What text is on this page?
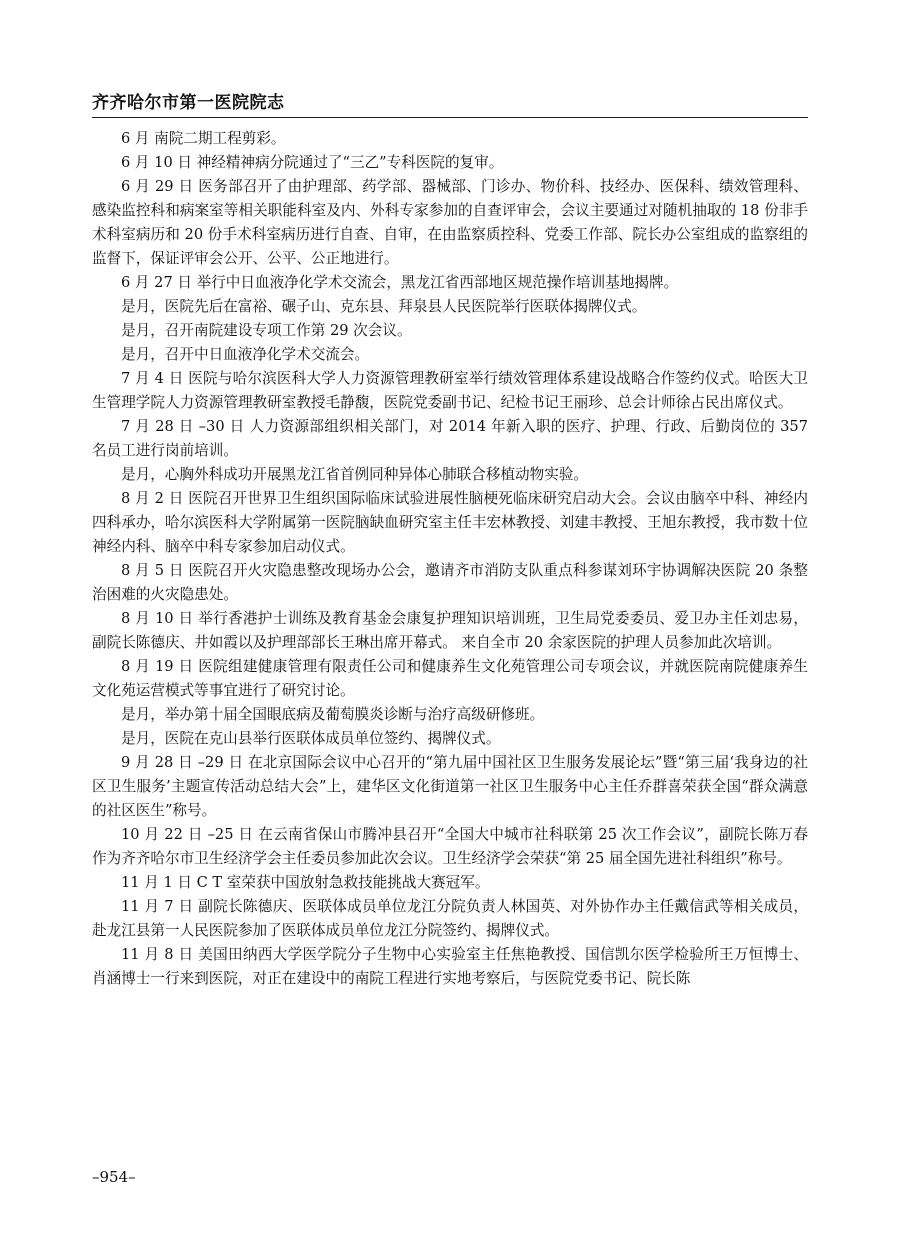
齐齐哈尔市第一医院院志

6 月 南院二期工程剪彩。

6 月 10 日 神经精神病分院通过了“三乙”专科医院的复审。

6 月 29 日 医务部召开了由护理部、药学部、器械部、门诊办、物价科、技经办、医保科、绩效管理科、感染监控科和病案室等相关职能科室及内、外科专家参加的自查评审会，会议主要通过对随机抽取的 18 份非手术科室病历和 20 份手术科室病历进行自查、自审，在由监察质控科、党委工作部、院长办公室组成的监察组的监督下，保证评审会公开、公平、公正地进行。

6 月 27 日 举行中日血液净化学术交流会，黑龙江省西部地区规范操作培训基地揭牌。

是月，医院先后在富裕、碾子山、克东县、拜泉县人民医院举行医联体揭牌仪式。

是月，召开南院建设专项工作第 29 次会议。

是月，召开中日血液净化学术交流会。

7 月 4 日 医院与哈尔滨医科大学人力资源管理教研室举行绩效管理体系建设战略合作签约仪式。哈医大卫生管理学院人力资源管理教研室教授毛静馥，医院党委副书记、纪检书记王丽珍、总会计师徐占民出席仪式。

7 月 28 日 –30 日 人力资源部组织相关部门，对 2014 年新入职的医疗、护理、行政、后勤岗位的 357 名员工进行岗前培训。

是月，心胸外科成功开展黑龙江省首例同种异体心肺联合移植动物实验。

8 月 2 日 医院召开世界卫生组织国际临床试验进展性脑梗死临床研究启动大会。会议由脑卒中科、神经内四科承办，哈尔滨医科大学附属第一医院脑缺血研究室主任丰宏林教授、刘建丰教授、王旭东教授，我市数十位神经内科、脑卒中科专家参加启动仪式。

8 月 5 日 医院召开火灾隐患整改现场办公会，邀请齐市消防支队重点科参谋刘环宇协调解决医院 20 条整治困难的火灾隐患处。

8 月 10 日 举行香港护士训练及教育基金会康复护理知识培训班，卫生局党委委员、爱卫办主任刘忠易，副院长陈德庆、井如霞以及护理部部长王琳出席开幕式。 来自全市 20 余家医院的护理人员参加此次培训。

8 月 19 日 医院组建健康管理有限责任公司和健康养生文化苑管理公司专项会议，并就医院南院健康养生文化苑运营模式等事宜进行了研究讨论。

是月，举办第十届全国眼底病及葡萄膜炎诊断与治疗高级研修班。

是月，医院在克山县举行医联体成员单位签约、揭牌仪式。

9 月 28 日 –29 日 在北京国际会议中心召开的“第九届中国社区卫生服务发展论坛”暨“第三届‘我身边的社区卫生服务’主题宣传活动总结大会”上，建华区文化街道第一社区卫生服务中心主任乔群喜荣获全国“群众满意的社区医生”称号。

10 月 22 日 –25 日 在云南省保山市腾冲县召开“全国大中城市社科联第 25 次工作会议”，副院长陈万春作为齐齐哈尔市卫生经济学会主任委员参加此次会议。卫生经济学会荣获“第 25 届全国先进社科组织”称号。

11 月 1 日 C T 室荣获中国放射急救技能挑战大赛冠军。

11 月 7 日 副院长陈德庆、医联体成员单位龙江分院负责人林国英、对外协作办主任戴信武等相关成员，赴龙江县第一人民医院参加了医联体成员单位龙江分院签约、揭牌仪式。

11 月 8 日 美国田纳西大学医学院分子生物中心实验室主任焦艳教授、国信凯尔医学检验所王万恒博士、肖涵博士一行来到医院，对正在建设中的南院工程进行实地考察后，与医院党委书记、院长陈

–954–
